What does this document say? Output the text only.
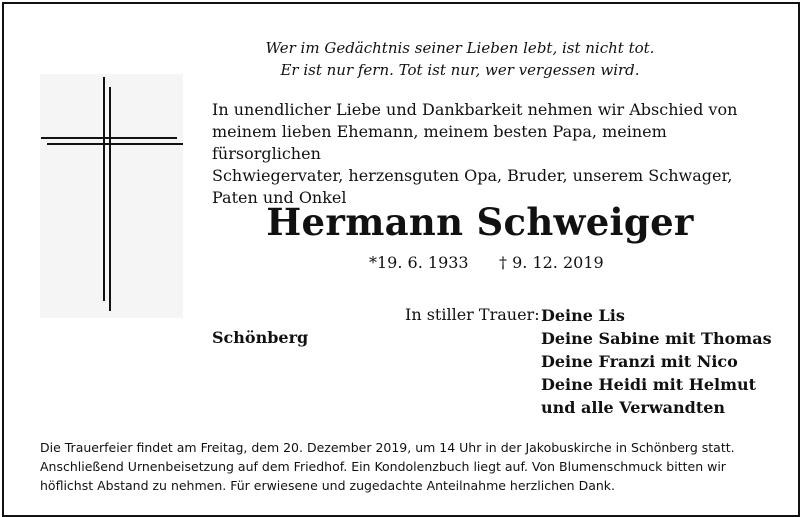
Wer im Gedächtnis seiner Lieben lebt, ist nicht tot.
Er ist nur fern. Tot ist nur, wer vergessen wird.
In unendlicher Liebe und Dankbarkeit nehmen wir Abschied von
meinem lieben Ehemann, meinem besten Papa, meinem fürsorglichen
Schwiegervater, herzensguten Opa, Bruder, unserem Schwager,
Paten und Onkel
Hermann Schweiger
*19. 6. 1933 † 9. 12. 2019
In stiller Trauer:
Schönberg
Deine Lis
Deine Sabine mit Thomas
Deine Franzi mit Nico
Deine Heidi mit Helmut
und alle Verwandten
Die Trauerfeier findet am Freitag, dem 20. Dezember 2019, um 14 Uhr in der Jakobuskirche in Schönberg statt.
Anschließend Urnenbeisetzung auf dem Friedhof. Ein Kondolenzbuch liegt auf. Von Blumenschmuck bitten wir
höflichst Abstand zu nehmen. Für erwiesene und zugedachte Anteilnahme herzlichen Dank.
